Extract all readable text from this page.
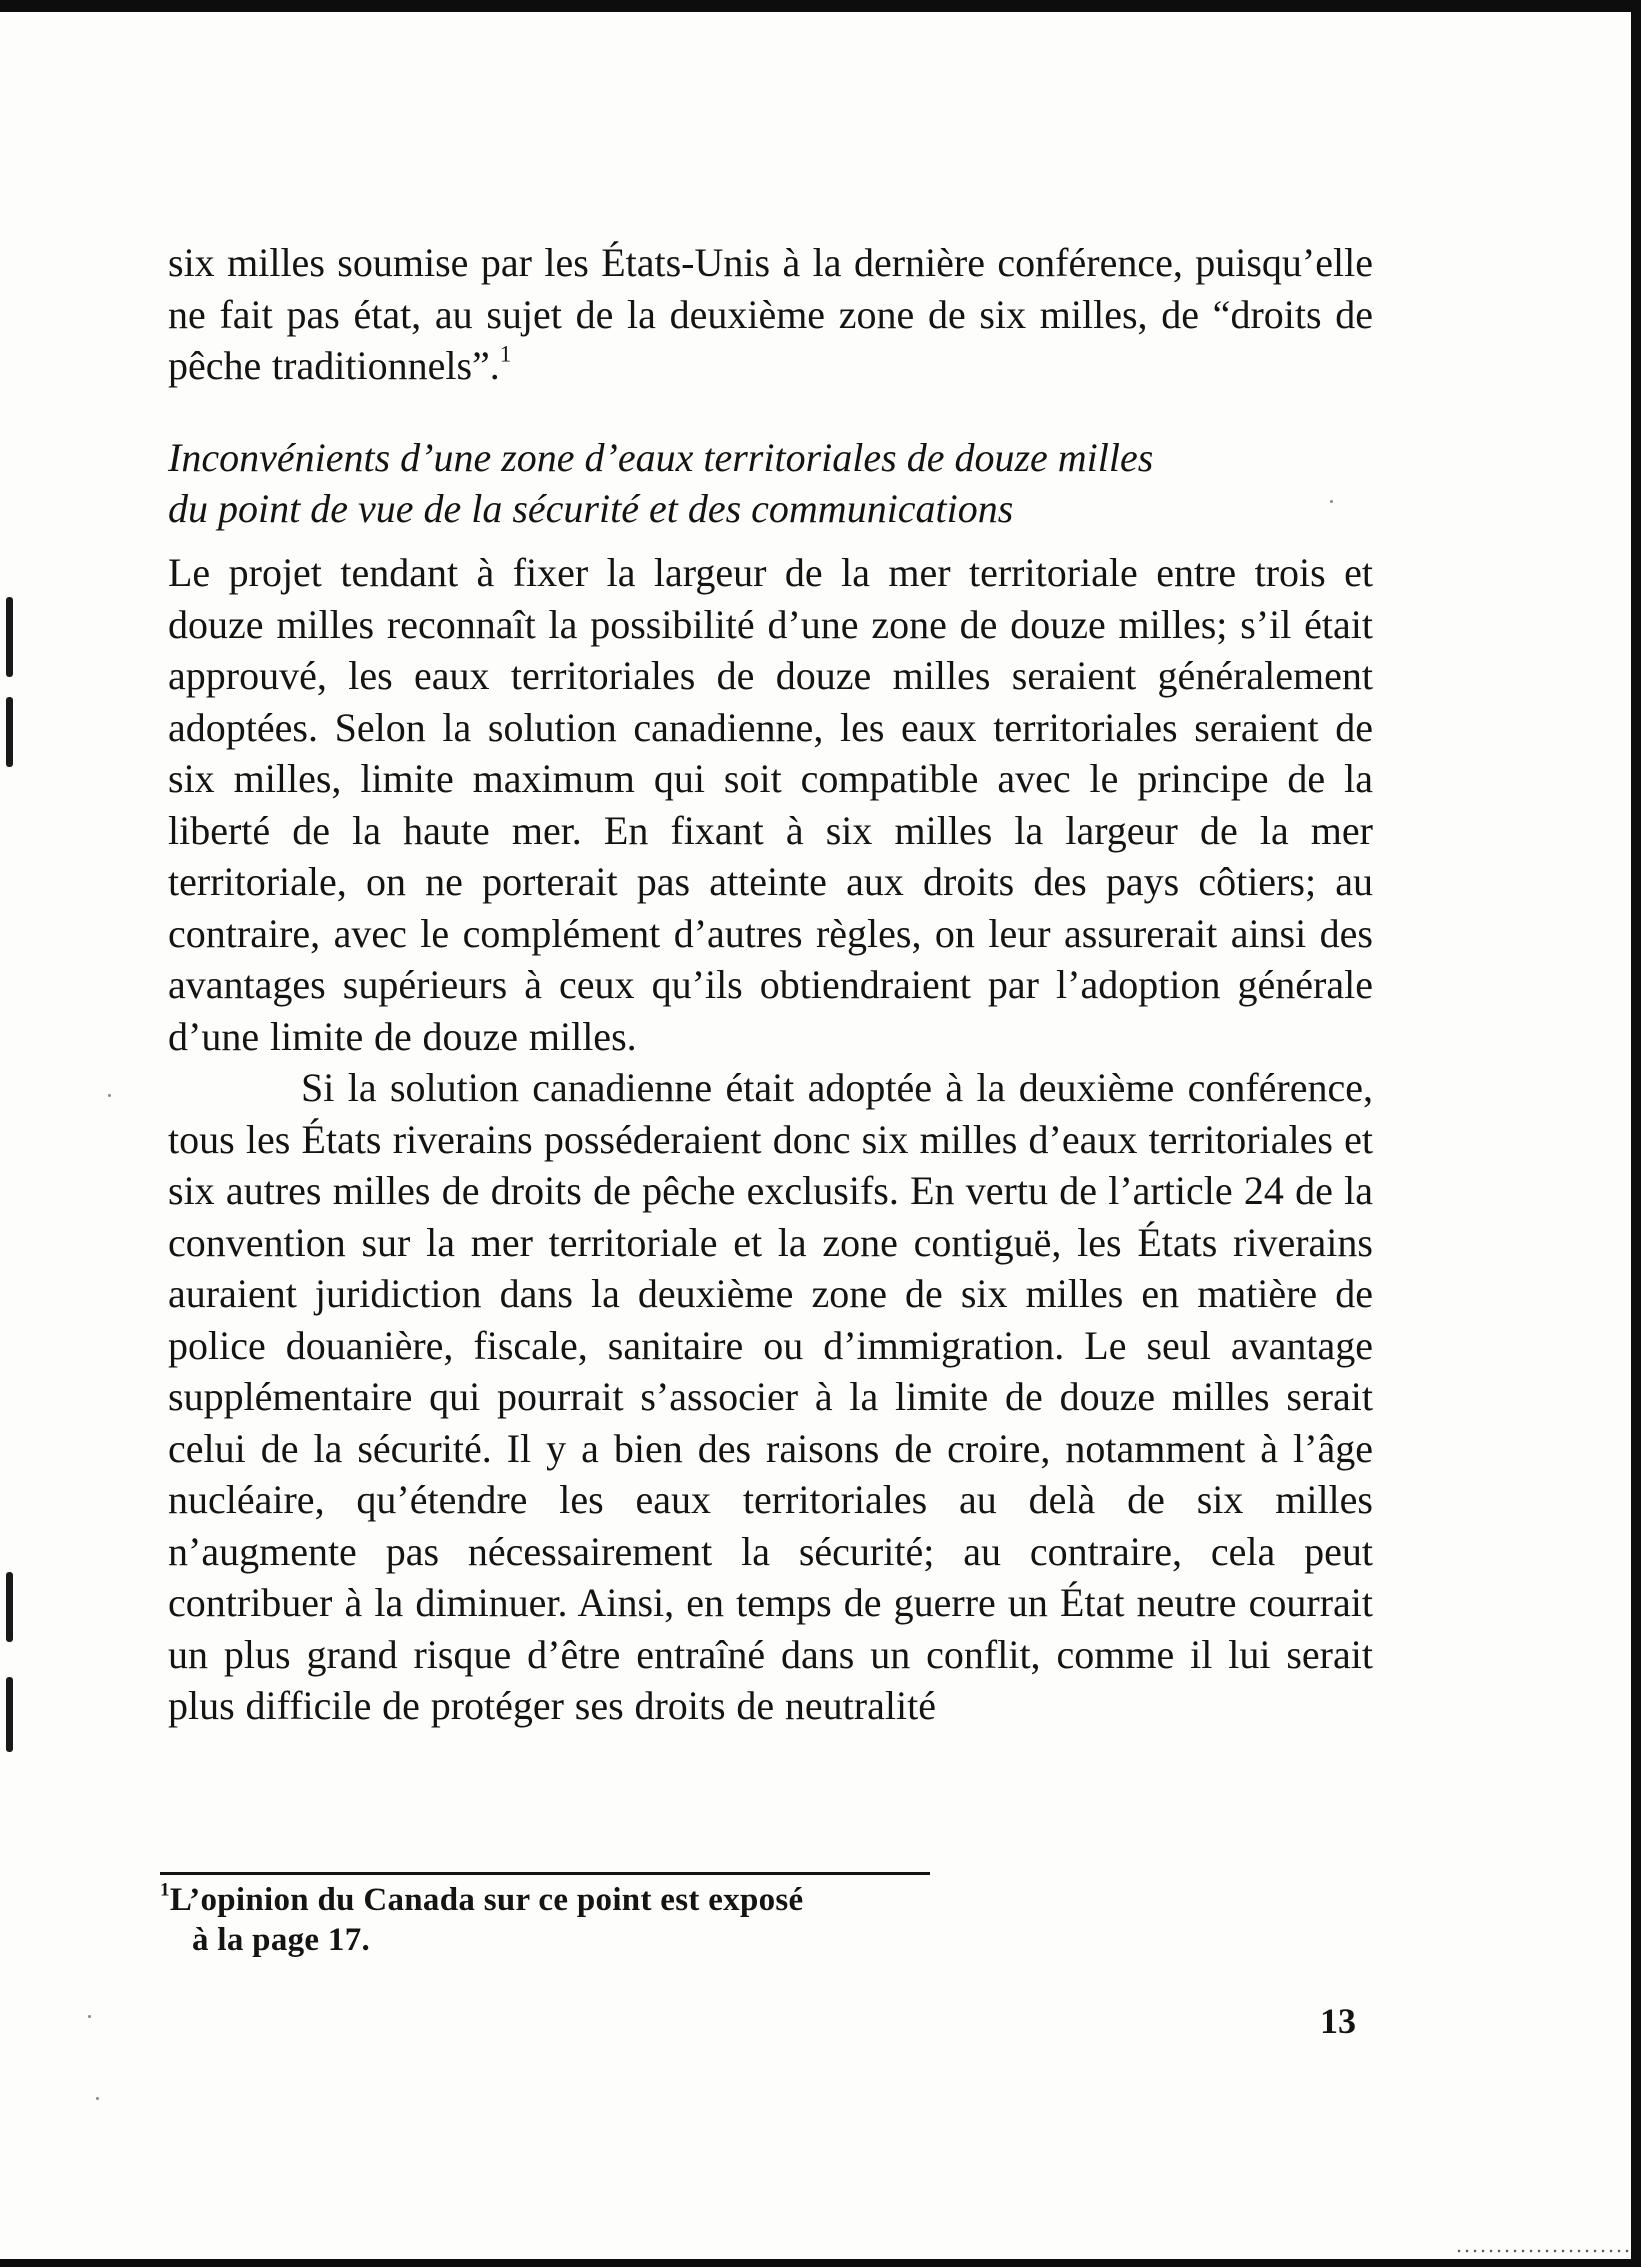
six milles soumise par les États-Unis à la dernière conférence, puisqu’elle ne fait pas état, au sujet de la deuxième zone de six milles, de “droits de pêche traditionnels”.$^1$
Inconvénients d’une zone d’eaux territoriales de douze milles
du point de vue de la sécurité et des communications

Le projet tendant à fixer la largeur de la mer territoriale entre trois et douze milles reconnaît la possibilité d’une zone de douze milles; s’il était approuvé, les eaux territoriales de douze milles seraient généralement adoptées. Selon la solution canadienne, les eaux territoriales seraient de six milles, limite maximum qui soit compatible avec le principe de la liberté de la haute mer. En fixant à six milles la largeur de la mer territoriale, on ne porterait pas atteinte aux droits des pays côtiers; au contraire, avec le complément d’autres règles, on leur assurerait ainsi des avantages supérieurs à ceux qu’ils obtiendraient par l’adoption générale d’une limite de douze milles.

Si la solution canadienne était adoptée à la deuxième conférence, tous les États riverains posséderaient donc six milles d’eaux territoriales et six autres milles de droits de pêche exclusifs. En vertu de l’article 24 de la convention sur la mer territoriale et la zone contiguë, les États riverains auraient juridiction dans la deuxième zone de six milles en matière de police douanière, fiscale, sanitaire ou d’immigration. Le seul avantage supplémentaire qui pourrait s’associer à la limite de douze milles serait celui de la sécurité. Il y a bien des raisons de croire, notamment à l’âge nucléaire, qu’étendre les eaux territoriales au delà de six milles n’augmente pas nécessairement la sécurité; au contraire, cela peut contribuer à la diminuer. Ainsi, en temps de guerre un État neutre courrait un plus grand risque d’être entraîné dans un conflit, comme il lui serait plus difficile de protéger ses droits de neutralité

$^1$L’opinion du Canada sur ce point est exposé
à la page 17.
13
